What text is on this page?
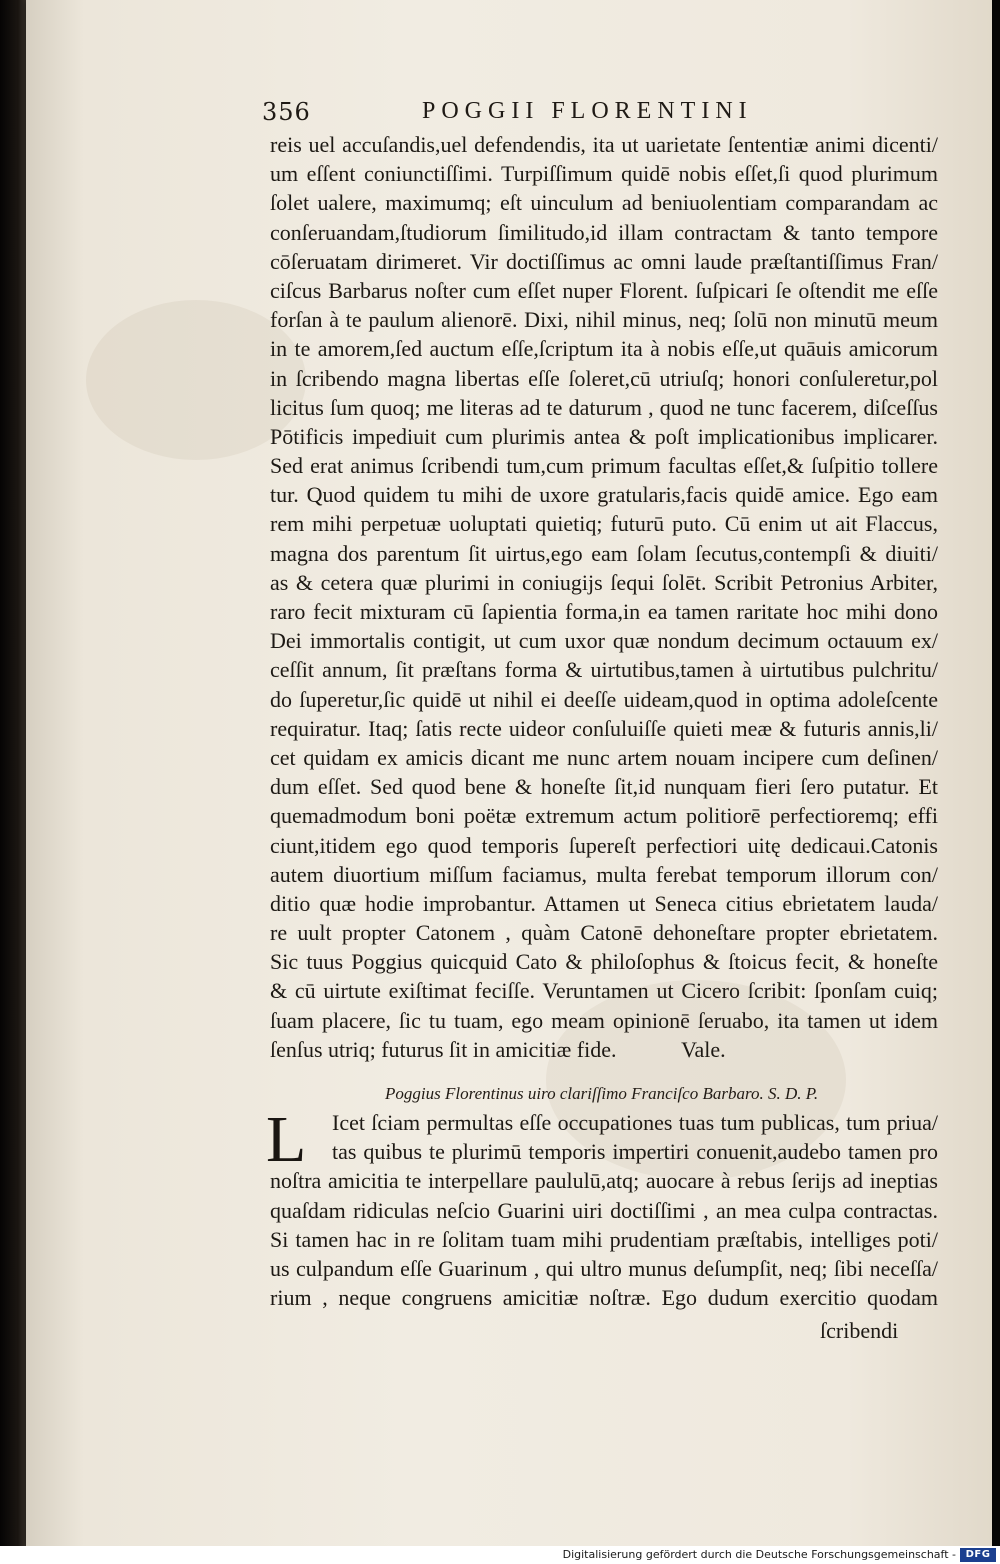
356	POGGII FLORENTINI
reis uel accuſandis,uel defendendis, ita ut uarietate ſententiæ animi dicenti/
um eſſent coniunctiſſimi. Turpiſſimum quidē nobis eſſet,ſi quod plurimum
ſolet ualere, maximumq; eſt uinculum ad beniuolentiam comparandam ac
conſeruandam,ſtudiorum ſimilitudo,id illam contractam & tanto tempore
cōſeruatam dirimeret. Vir doctiſſimus ac omni laude præſtantiſſimus Fran/
ciſcus Barbarus noſter cum eſſet nuper Florent. ſuſpicari ſe oſtendit me eſſe
forſan à te paulum alienorē. Dixi, nihil minus, neq; ſolū non minutū meum
in te amorem,ſed auctum eſſe,ſcriptum ita à nobis eſſe,ut quāuis amicorum
in ſcribendo magna libertas eſſe ſoleret,cū utriuſq; honori conſuleretur,pol
licitus ſum quoq; me literas ad te daturum , quod ne tunc facerem, diſceſſus
Pōtificis impediuit cum plurimis antea & poſt implicationibus implicarer.
Sed erat animus ſcribendi tum,cum primum facultas eſſet,& ſuſpitio tollere
tur. Quod quidem tu mihi de uxore gratularis,facis quidē amice. Ego eam
rem mihi perpetuæ uoluptati quietiq; futurū puto. Cū enim ut ait Flaccus,
magna dos parentum ſit uirtus,ego eam ſolam ſecutus,contempſi & diuiti/
as & cetera quæ plurimi in coniugijs ſequi ſolēt. Scribit Petronius Arbiter,
raro fecit mixturam cū ſapientia forma,in ea tamen raritate hoc mihi dono
Dei immortalis contigit, ut cum uxor quæ nondum decimum octauum ex/
ceſſit annum, ſit præſtans forma & uirtutibus,tamen à uirtutibus pulchritu/
do ſuperetur,ſic quidē ut nihil ei deeſſe uideam,quod in optima adoleſcente
requiratur. Itaq; ſatis recte uideor conſuluiſſe quieti meæ & futuris annis,li/
cet quidam ex amicis dicant me nunc artem nouam incipere cum deſinen/
dum eſſet. Sed quod bene & honeſte ſit,id nunquam fieri ſero putatur. Et
quemadmodum boni poëtæ extremum actum politiorē perfectioremq; effi
ciunt,itidem ego quod temporis ſupereſt perfectiori uitę dedicaui.Catonis
autem diuortium miſſum faciamus, multa ferebat temporum illorum con/
ditio quæ hodie improbantur. Attamen ut Seneca citius ebrietatem lauda/
re uult propter Catonem , quàm Catonē dehoneſtare propter ebrietatem.
Sic tuus Poggius quicquid Cato & philoſophus & ſtoicus fecit, & honeſte
& cū uirtute exiſtimat feciſſe. Veruntamen ut Cicero ſcribit: ſponſam cuiq;
ſuam placere, ſic tu tuam, ego meam opinionē ſeruabo, ita tamen ut idem
ſenſus utriq; futurus ſit in amicitiæ fide.	Vale.
Poggius Florentinus uiro clariſſimo Franciſco Barbaro. S. D. P.
L	Icet ſciam permultas eſſe occupationes tuas tum publicas, tum priua/
tas quibus te plurimū temporis impertiri conuenit,audebo tamen pro
noſtra amicitia te interpellare paululū,atq; auocare à rebus ſerijs ad ineptias
quaſdam ridiculas neſcio Guarini uiri doctiſſimi , an mea culpa contractas.
Si tamen hac in re ſolitam tuam mihi prudentiam præſtabis, intelliges poti/
us culpandum eſſe Guarinum , qui ultro munus deſumpſit, neq; ſibi neceſſa/
rium , neque congruens amicitiæ noſtræ. Ego dudum exercitio quodam
ſcribendi
Digitalisierung gefördert durch die Deutsche Forschungsgemeinschaft - DFG
